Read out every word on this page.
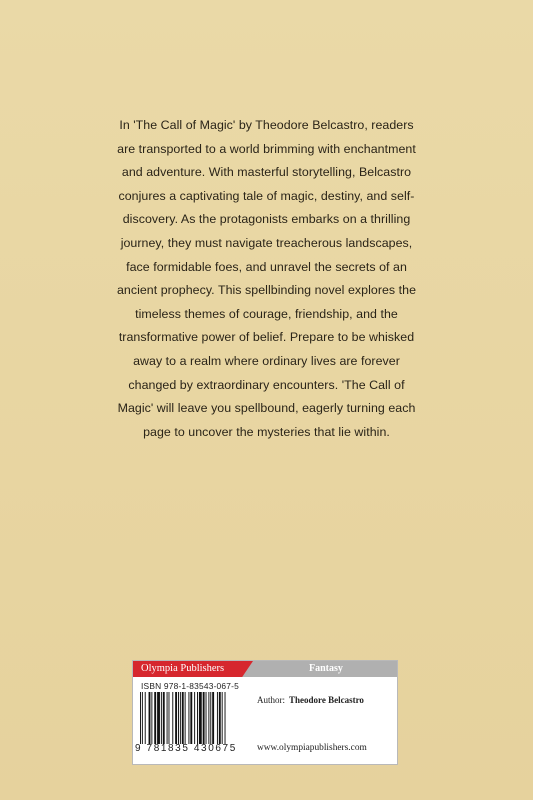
In 'The Call of Magic' by Theodore Belcastro, readers are transported to a world brimming with enchantment and adventure. With masterful storytelling, Belcastro conjures a captivating tale of magic, destiny, and self-discovery. As the protagonists embarks on a thrilling journey, they must navigate treacherous landscapes, face formidable foes, and unravel the secrets of an ancient prophecy. This spellbinding novel explores the timeless themes of courage, friendship, and the transformative power of belief. Prepare to be whisked away to a realm where ordinary lives are forever changed by extraordinary encounters. 'The Call of Magic' will leave you spellbound, eagerly turning each page to uncover the mysteries that lie within.

Olympia Publishers	Fantasy
ISBN 978-1-83543-067-5
9 781835 430675
Author: Theodore Belcastro
www.olympiapublishers.com
